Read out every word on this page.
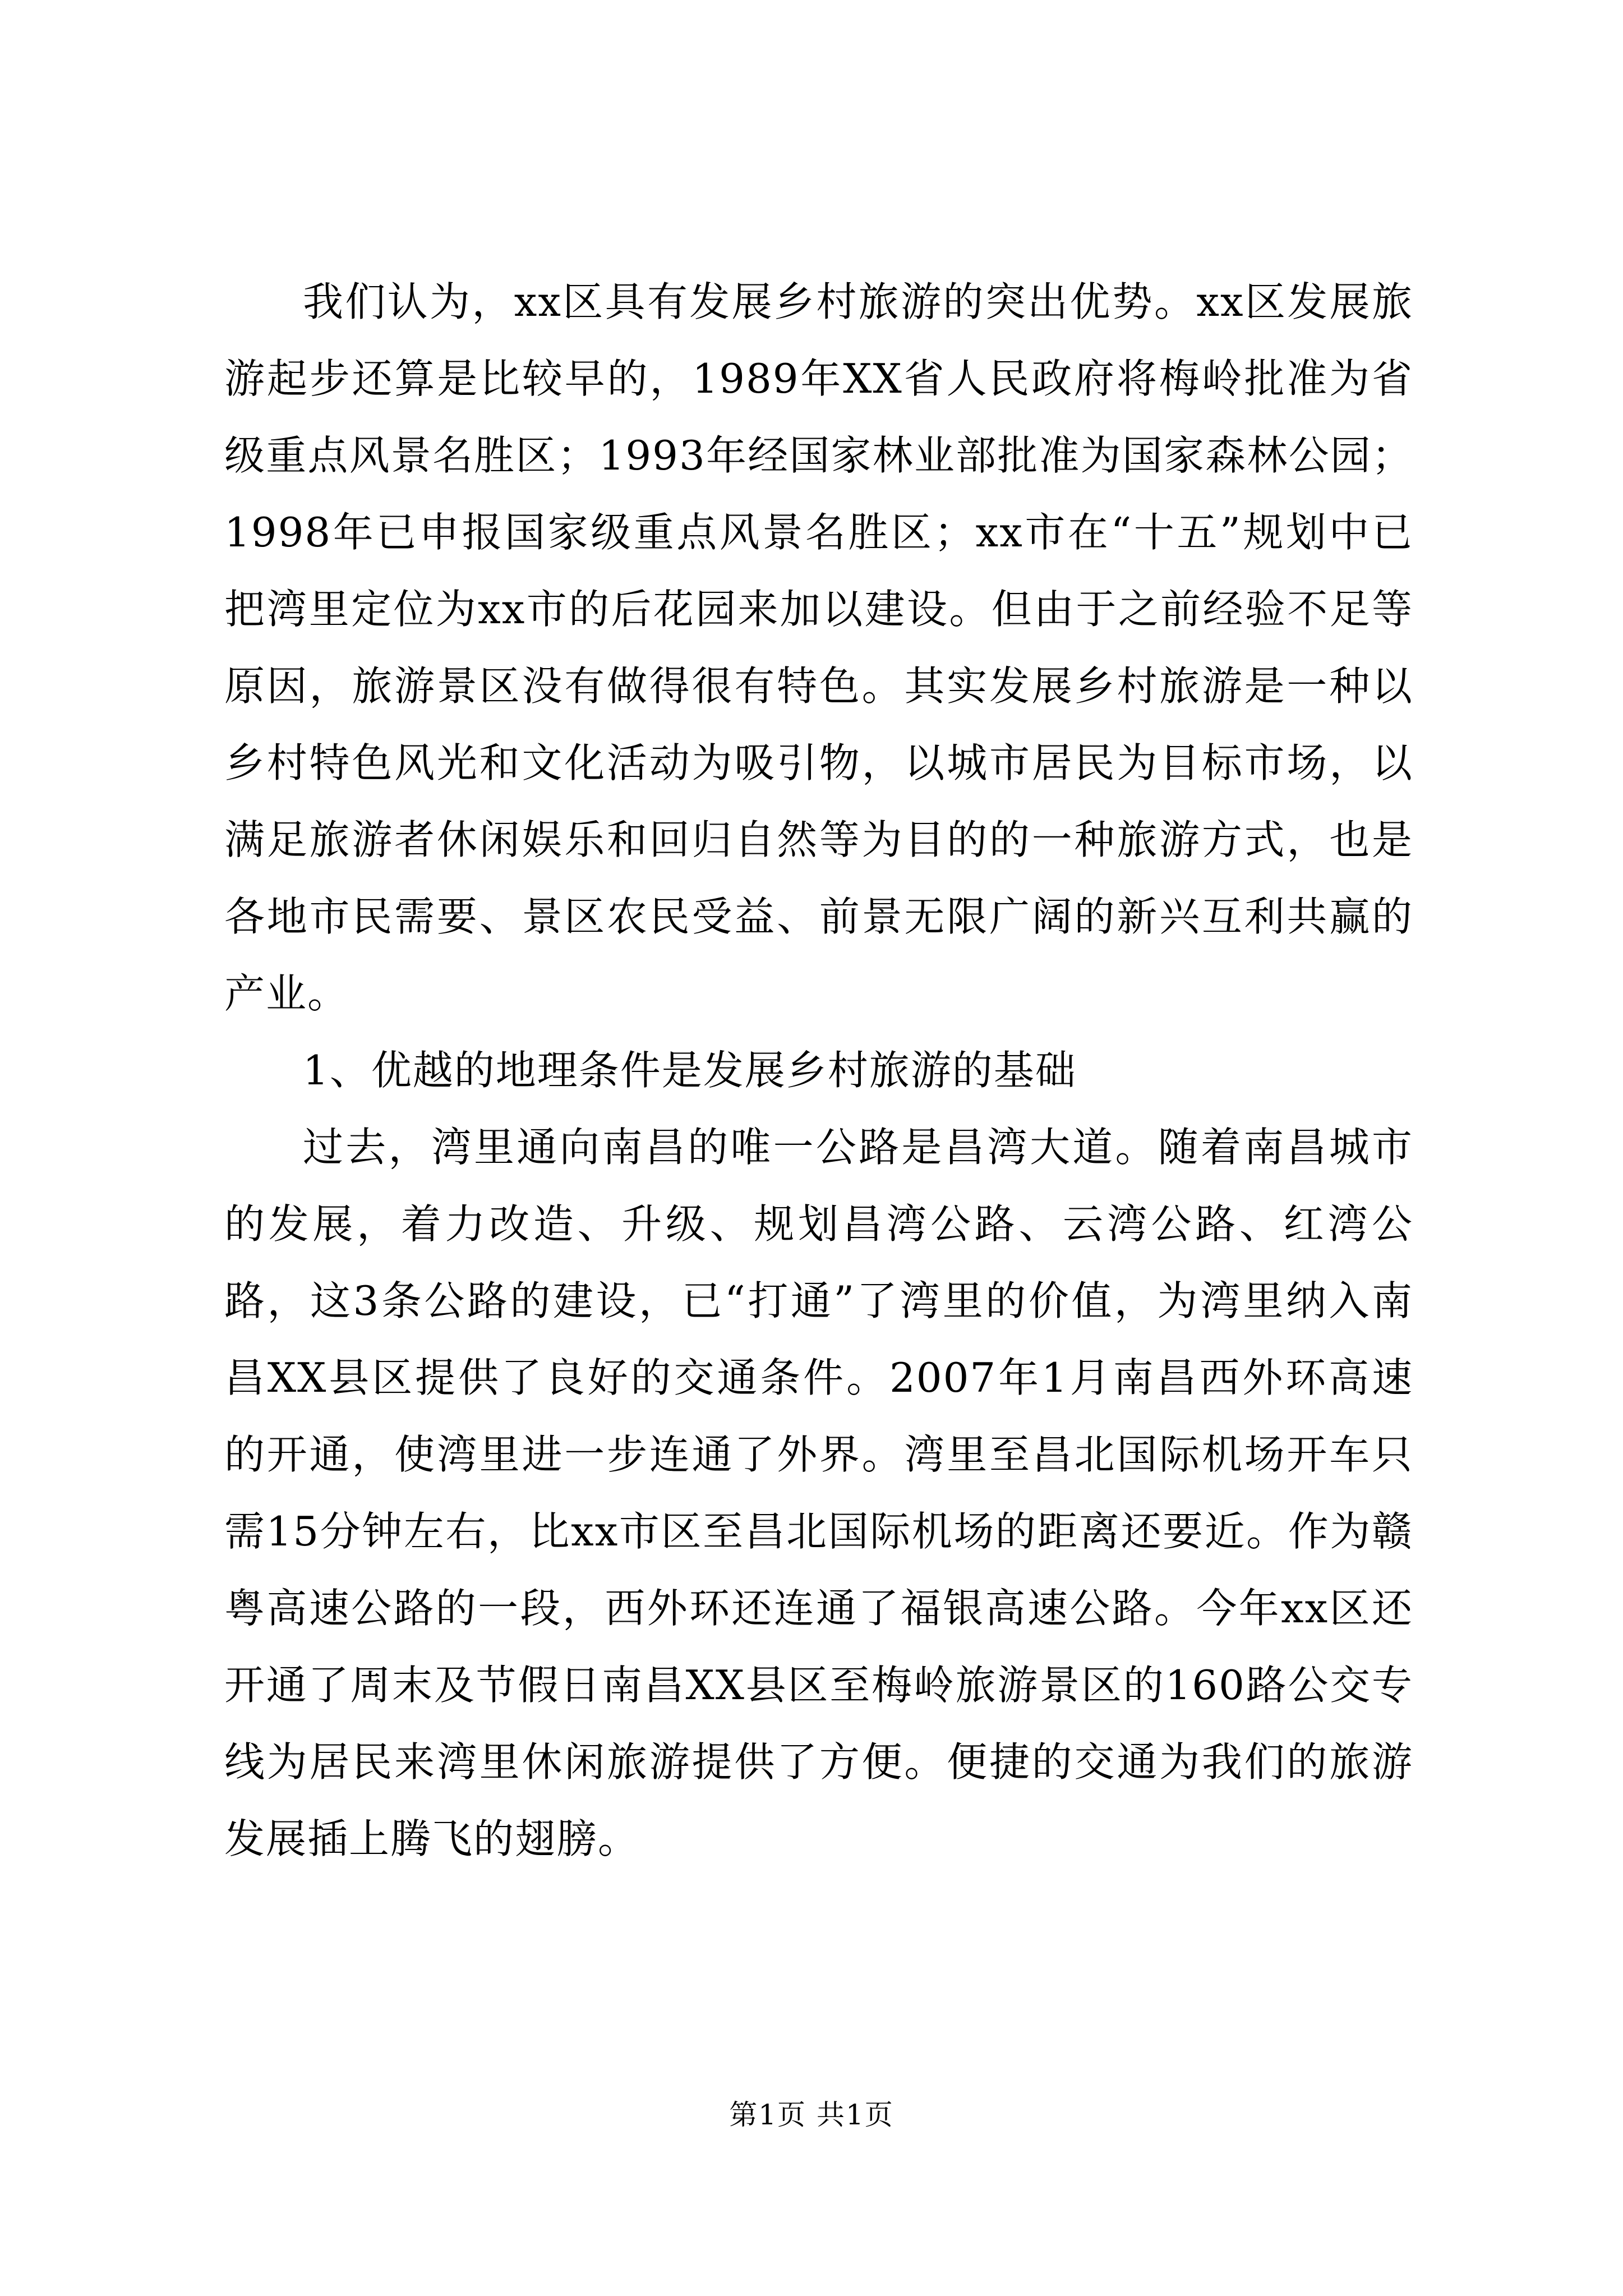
我们认为，xx区具有发展乡村旅游的突出优势。xx区发展旅游起步还算是比较早的，1989年XX省人民政府将梅岭批准为省级重点风景名胜区；1993年经国家林业部批准为国家森林公园；1998年已申报国家级重点风景名胜区；xx市在“十五”规划中已把湾里定位为xx市的后花园来加以建设。但由于之前经验不足等原因，旅游景区没有做得很有特色。其实发展乡村旅游是一种以乡村特色风光和文化活动为吸引物，以城市居民为目标市场，以满足旅游者休闲娱乐和回归自然等为目的的一种旅游方式，也是各地市民需要、景区农民受益、前景无限广阔的新兴互利共赢的产业。

1、优越的地理条件是发展乡村旅游的基础

过去，湾里通向南昌的唯一公路是昌湾大道。随着南昌城市的发展，着力改造、升级、规划昌湾公路、云湾公路、红湾公路，这3条公路的建设，已“打通”了湾里的价值，为湾里纳入南昌XX县区提供了良好的交通条件。2007年1月南昌西外环高速的开通，使湾里进一步连通了外界。湾里至昌北国际机场开车只需15分钟左右，比xx市区至昌北国际机场的距离还要近。作为赣粤高速公路的一段，西外环还连通了福银高速公路。今年xx区还开通了周末及节假日南昌XX县区至梅岭旅游景区的160路公交专线为居民来湾里休闲旅游提供了方便。便捷的交通为我们的旅游发展插上腾飞的翅膀。

第1页 共1页
